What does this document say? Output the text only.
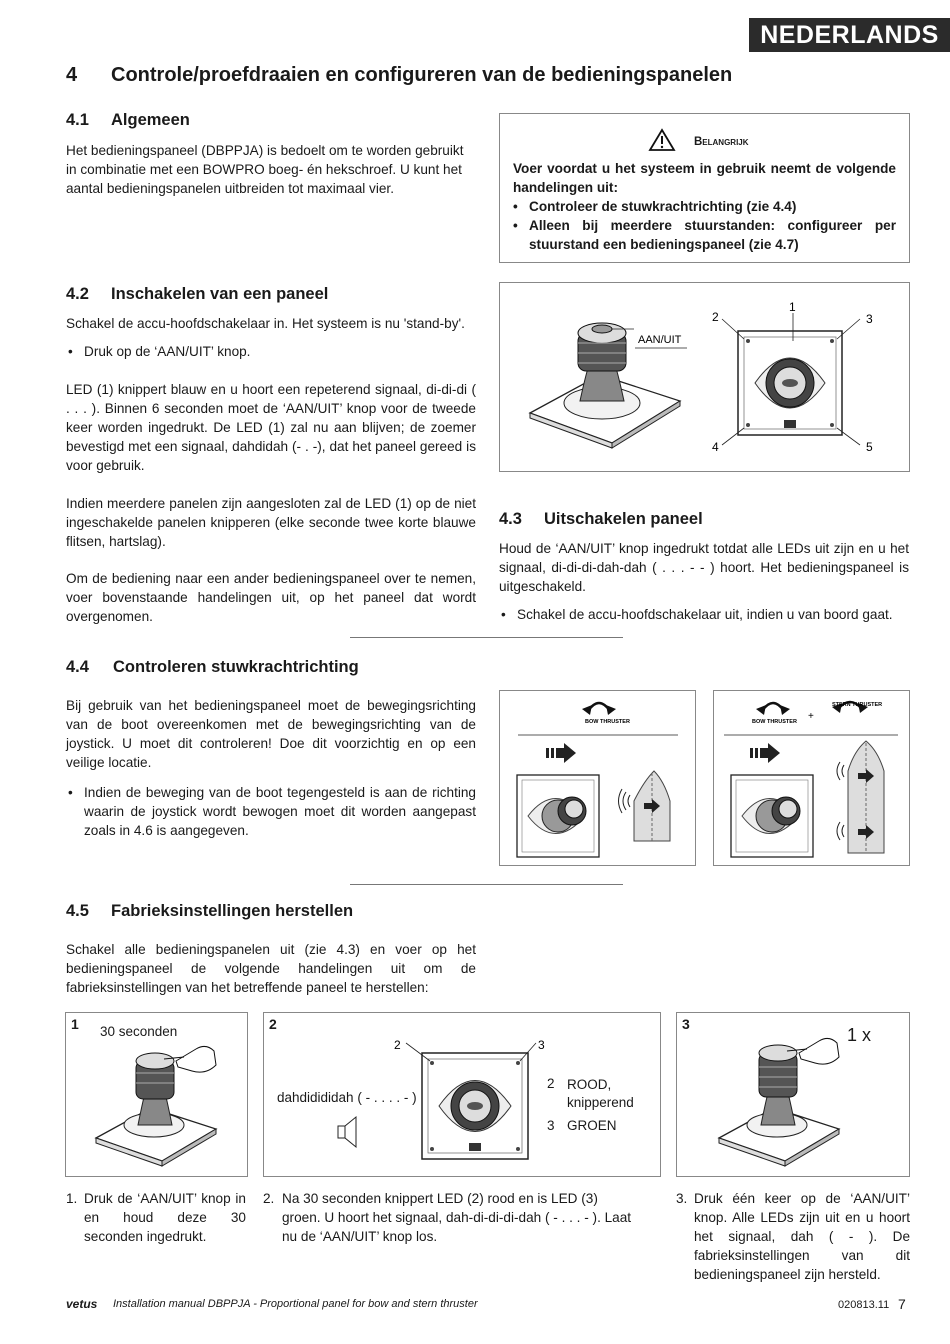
NEDERLANDS
4 Controle/proefdraaien en configureren van de bedieningspanelen
4.1 Algemeen
Het bedieningspaneel (DBPPJA) is bedoelt om te worden gebruikt in combinatie met een BOWPRO boeg- én hekschroef. U kunt het aantal bedieningspanelen uitbreiden tot maximaal vier.
Belangrijk
Voer voordat u het systeem in gebruik neemt de volgende handelingen uit:
• Controleer de stuwkrachtrichting (zie 4.4)
• Alleen bij meerdere stuurstanden: configureer per stuurstand een bedieningspaneel (zie 4.7)
4.2 Inschakelen van een paneel
Schakel de accu-hoofdschakelaar in. Het systeem is nu 'stand-by'.
• Druk op de ‘AAN/UIT’ knop.
LED (1) knippert blauw en u hoort een repeterend signaal, di-di-di ( . . . ). Binnen 6 seconden moet de ‘AAN/UIT’ knop voor de tweede keer worden ingedrukt. De LED (1) zal nu aan blijven; de zoemer bevestigd met een signaal, dahdidah (- . -), dat het paneel gereed is voor gebruik.
Indien meerdere panelen zijn aangesloten zal de LED (1) op de niet ingeschakelde panelen knipperen (elke seconde twee korte blauwe flitsen, hartslag).
Om de bediening naar een ander bedieningspaneel over te nemen, voer bovenstaande handelingen uit, op het paneel dat wordt overgenomen.
AAN/UIT
1
2	3
4	5
4.3 Uitschakelen paneel
Houd de ‘AAN/UIT’ knop ingedrukt totdat alle LEDs uit zijn en u het signaal, di-di-di-dah-dah ( . . . - - ) hoort. Het bedieningspaneel is uitgeschakeld.
• Schakel de accu-hoofdschakelaar uit, indien u van boord gaat.
4.4 Controleren stuwkrachtrichting
Bij gebruik van het bedieningspaneel moet de bewegingsrichting van de boot overeenkomen met de bewegingsrichting van de joystick. U moet dit controleren! Doe dit voorzichtig en op een veilige locatie.
• Indien de beweging van de boot tegengesteld is aan de richting waarin de joystick wordt bewogen moet dit worden aangepast zoals in 4.6 is aangegeven.
BOW THRUSTER	BOW THRUSTER +
STERN THRUSTER
4.5 Fabrieksinstellingen herstellen
Schakel alle bedieningspanelen uit (zie 4.3) en voer op het bedieningspaneel de volgende handelingen uit om de fabrieksinstellingen van het betreffende paneel te herstellen:
1 30 seconden	2
dahdidididah ( - . . . . - )
2	3
2 ROOD, knipperend
3 GROEN
3
1 x
1. Druk de ‘AAN/UIT’ knop in en houd deze 30 seconden ingedrukt.
2. Na 30 seconden knippert LED (2) rood en is LED (3) groen. U hoort het signaal, dah-di-di-di-dah ( - . . . - ). Laat nu de ‘AAN/UIT’ knop los.
3. Druk één keer op de ‘AAN/UIT’ knop. Alle LEDs zijn uit en u hoort het signaal, dah ( - ). De fabrieksinstellingen van dit bedieningspaneel zijn hersteld.
vetus Installation manual DBPPJA - Proportional panel for bow and stern thruster	020813.11 7
